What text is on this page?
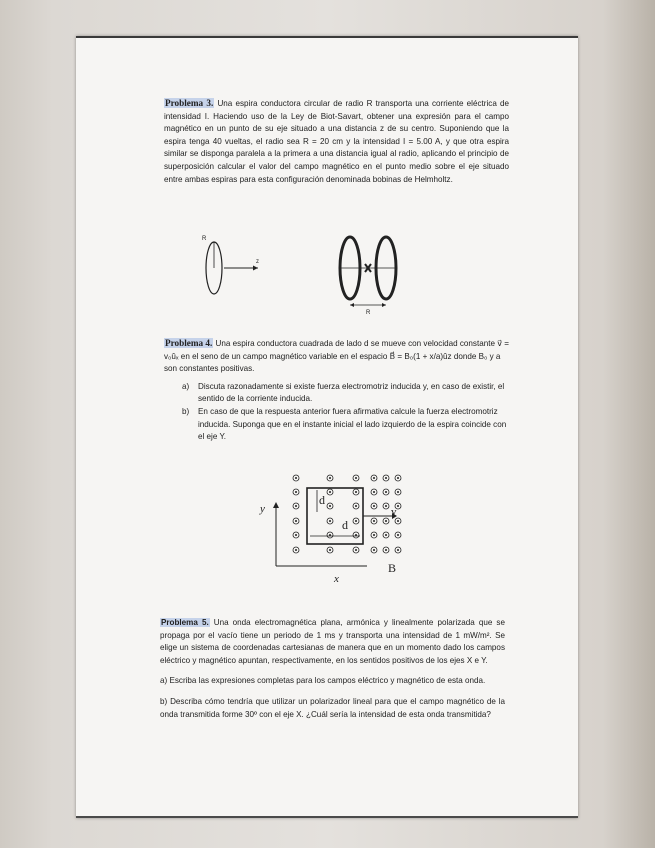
Problema 3. Una espira conductora circular de radio R transporta una corriente eléctrica de intensidad I. Haciendo uso de la Ley de Biot-Savart, obtener una expresión para el campo magnético en un punto de su eje situado a una distancia z de su centro. Suponiendo que la espira tenga 40 vueltas, el radio sea R = 20 cm y la intensidad I = 5.00 A, y que otra espira similar se disponga paralela a la primera a una distancia igual al radio, aplicando el principio de superposición calcular el valor del campo magnético en el punto medio sobre el eje situado entre ambas espiras para esta configuración denominada bobinas de Helmholtz.

R
z
R

Problema 4. Una espira conductora cuadrada de lado d se mueve con velocidad constante v⃗ = v₀ûₓ en el seno de un campo magnético variable en el espacio B⃗ = B₀(1 + x/a)ûz donde B₀ y a son constantes positivas.

a)	Discuta razonadamente si existe fuerza electromotriz inducida y, en caso de existir, el sentido de la corriente inducida.
b)	En caso de que la respuesta anterior fuera afirmativa calcule la fuerza electromotriz inducida. Suponga que en el instante inicial el lado izquierdo de la espira coincide con el eje Y.
y
x
d
d
v
B

Problema 5. Una onda electromagnética plana, armónica y linealmente polarizada que se propaga por el vacío tiene un periodo de 1 ms y transporta una intensidad de 1 mW/m². Se elige un sistema de coordenadas cartesianas de manera que en un momento dado los campos eléctrico y magnético apuntan, respectivamente, en los sentidos positivos de los ejes X e Y.

a) Escriba las expresiones completas para los campos eléctrico y magnético de esta onda.

b) Describa cómo tendría que utilizar un polarizador lineal para que el campo magnético de la onda transmitida forme 30º con el eje X. ¿Cuál sería la intensidad de esta onda transmitida?
